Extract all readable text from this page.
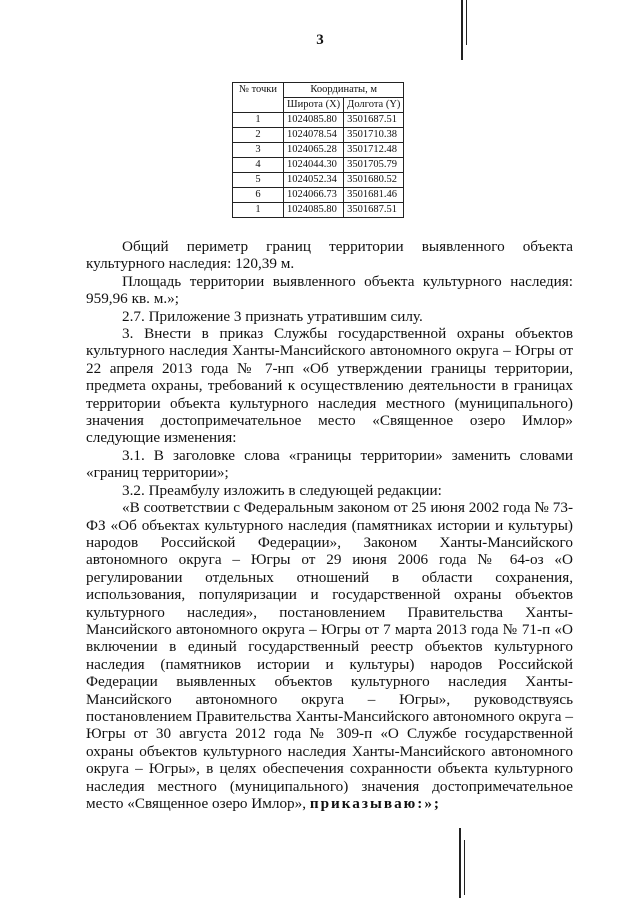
3
№ точки	Координаты, м	
	Широта (X)	Долгота (Y)
1	1024085.80	3501687.51
2	1024078.54	3501710.38
3	1024065.28	3501712.48
4	1024044.30	3501705.79
5	1024052.34	3501680.52
6	1024066.73	3501681.46
1	1024085.80	3501687.51

Общий периметр границ территории выявленного объекта культурного наследия: 120,39 м.

Площадь территории выявленного объекта культурного наследия: 959,96 кв. м.»;

2.7. Приложение 3 признать утратившим силу.

3. Внести в приказ Службы государственной охраны объектов культурного наследия Ханты-Мансийского автономного округа – Югры от 22 апреля 2013 года № 7-нп «Об утверждении границы территории, предмета охраны, требований к осуществлению деятельности в границах территории объекта культурного наследия местного (муниципального) значения достопримечательное место «Священное озеро Имлор» следующие изменения:

3.1. В заголовке слова «границы территории» заменить словами «границ территории»;

3.2. Преамбулу изложить в следующей редакции:

«В соответствии с Федеральным законом от 25 июня 2002 года № 73-ФЗ «Об объектах культурного наследия (памятниках истории и культуры) народов Российской Федерации», Законом Ханты-Мансийского автономного округа – Югры от 29 июня 2006 года № 64-оз «О регулировании отдельных отношений в области сохранения, использования, популяризации и государственной охраны объектов культурного наследия», постановлением Правительства Ханты-Мансийского автономного округа – Югры от 7 марта 2013 года № 71-п «О включении в единый государственный реестр объектов культурного наследия (памятников истории и культуры) народов Российской Федерации выявленных объектов культурного наследия Ханты-Мансийского автономного округа – Югры», руководствуясь постановлением Правительства Ханты-Мансийского автономного округа – Югры от 30 августа 2012 года № 309-п «О Службе государственной охраны объектов культурного наследия Ханты-Мансийского автономного округа – Югры», в целях обеспечения сохранности объекта культурного наследия местного (муниципального) значения достопримечательное место «Священное озеро Имлор», приказываю:»;
